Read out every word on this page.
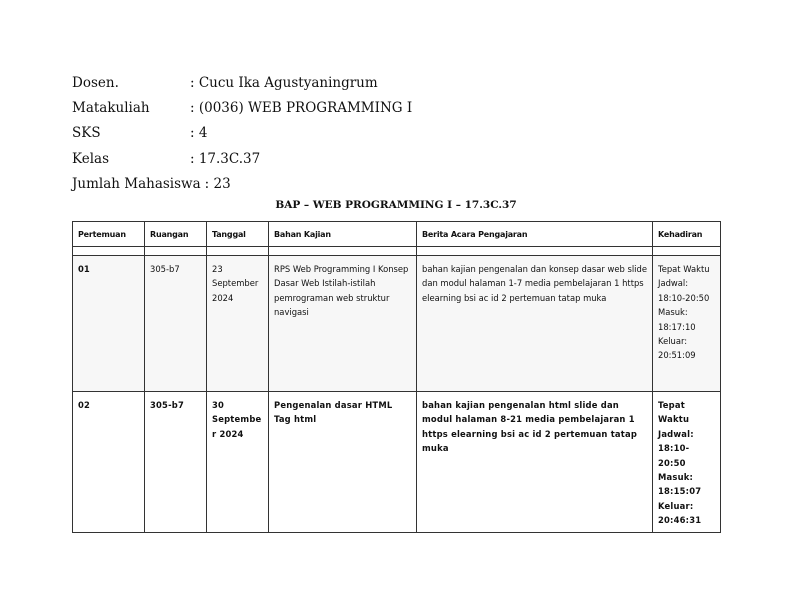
Dosen.	: Cucu Ika Agustyaningrum
Matakuliah	: (0036) WEB PROGRAMMING I
SKS	: 4
Kelas	: 17.3C.37
Jumlah Mahasiswa : 23
BAP – WEB PROGRAMMING I – 17.3C.37
Pertemuan	Ruangan	Tanggal	Bahan Kajian	Berita Acara Pengajaran	Kehadiran

01	305-b7	23 September 2024	RPS Web Programming I Konsep Dasar Web Istilah-istilah pemrograman web struktur navigasi	bahan kajian pengenalan dan konsep dasar web slide dan modul halaman 1-7 media pembelajaran 1 https elearning bsi ac id 2 pertemuan tatap muka	Tepat Waktu
Jadwal: 18:10-20:50
Masuk: 18:17:10
Keluar: 20:51:09

02	305-b7	30 September 2024	Pengenalan dasar HTML Tag html	bahan kajian pengenalan html slide dan modul halaman 8-21 media pembelajaran 1 https elearning bsi ac id 2 pertemuan tatap muka	Tepat Waktu
Jadwal: 18:10-20:50
Masuk: 18:15:07
Keluar: 20:46:31
